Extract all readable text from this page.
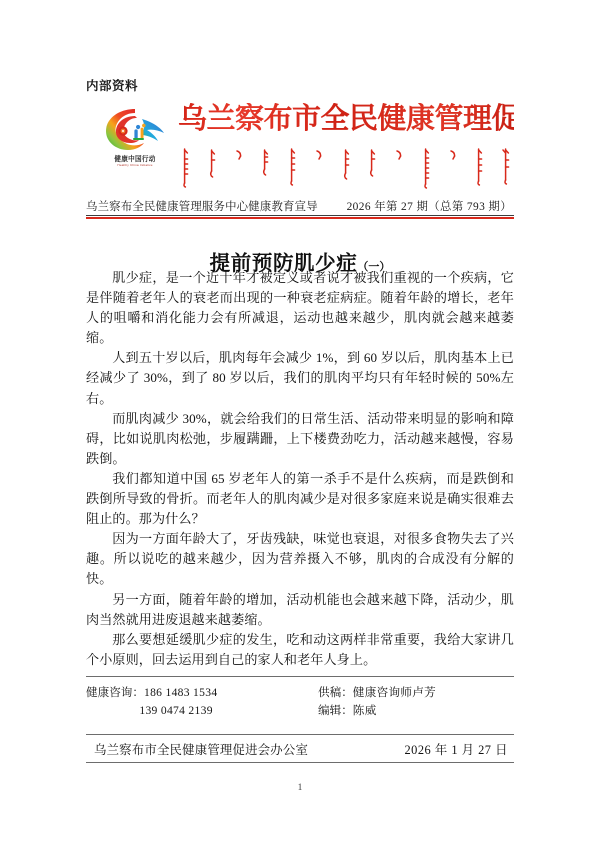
内部资料
健康中国行动
Healthy China Initiative
乌兰察布市全民健康管理促进会
乌兰察布全民健康管理服务中心健康教育宣导	2026 年第 27 期（总第 793 期）
提前预防肌少症（一）

肌少症，是一个近十年才被定义或者说才被我们重视的一个疾病，它是伴随着老年人的衰老而出现的一种衰老症病症。随着年龄的增长，老年人的咀嚼和消化能力会有所减退，运动也越来越少，肌肉就会越来越萎缩。

人到五十岁以后，肌肉每年会减少 1%，到 60 岁以后，肌肉基本上已经减少了 30%，到了 80 岁以后，我们的肌肉平均只有年轻时候的 50%左右。

而肌肉减少 30%，就会给我们的日常生活、活动带来明显的影响和障碍，比如说肌肉松弛，步履蹒跚，上下楼费劲吃力，活动越来越慢，容易跌倒。

我们都知道中国 65 岁老年人的第一杀手不是什么疾病，而是跌倒和跌倒所导致的骨折。而老年人的肌肉减少是对很多家庭来说是确实很难去阻止的。那为什么？

因为一方面年龄大了，牙齿残缺，味觉也衰退，对很多食物失去了兴趣。所以说吃的越来越少，因为营养摄入不够，肌肉的合成没有分解的快。

另一方面，随着年龄的增加，活动机能也会越来越下降，活动少，肌肉当然就用进废退越来越萎缩。

那么要想延缓肌少症的发生，吃和动这两样非常重要，我给大家讲几个小原则，回去运用到自己的家人和老年人身上。

健康咨询： 186 1483 1534	供稿： 健康咨询师卢芳
139 0474 2139	编辑： 陈威
乌兰察布市全民健康管理促进会办公室	2026 年 1 月 27 日
1
